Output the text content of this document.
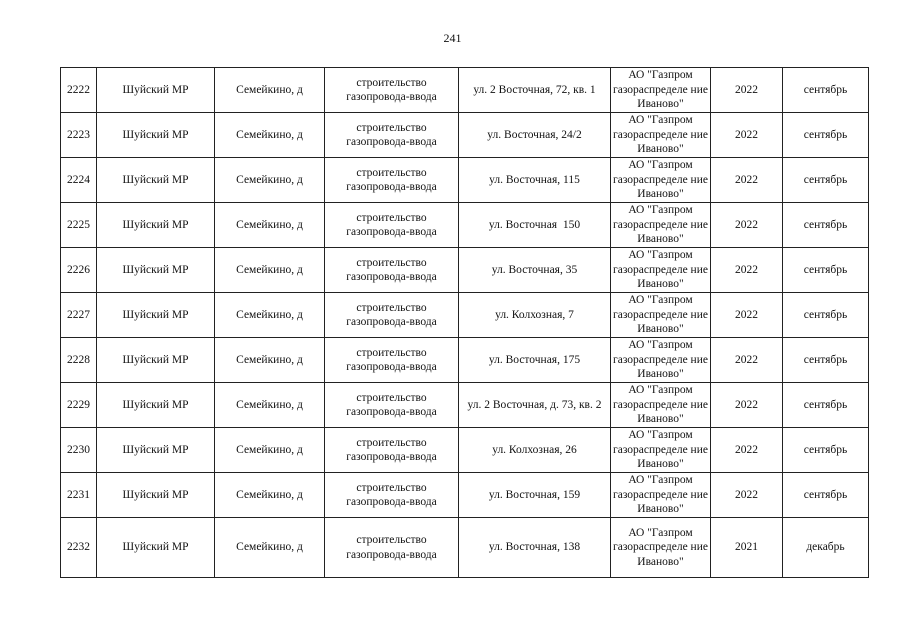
241
2222	Шуйский МР	Семейкино, д	строительство газопровода-ввода	ул. 2 Восточная, 72, кв. 1	АО "Газпром газораспределе ние Иваново"	2022	сентябрь
2223	Шуйский МР	Семейкино, д	строительство газопровода-ввода	ул. Восточная, 24/2	АО "Газпром газораспределе ние Иваново"	2022	сентябрь
2224	Шуйский МР	Семейкино, д	строительство газопровода-ввода	ул. Восточная, 115	АО "Газпром газораспределе ние Иваново"	2022	сентябрь
2225	Шуйский МР	Семейкино, д	строительство газопровода-ввода	ул. Восточная  150	АО "Газпром газораспределе ние Иваново"	2022	сентябрь
2226	Шуйский МР	Семейкино, д	строительство газопровода-ввода	ул. Восточная, 35	АО "Газпром газораспределе ние Иваново"	2022	сентябрь
2227	Шуйский МР	Семейкино, д	строительство газопровода-ввода	ул. Колхозная, 7	АО "Газпром газораспределе ние Иваново"	2022	сентябрь
2228	Шуйский МР	Семейкино, д	строительство газопровода-ввода	ул. Восточная, 175	АО "Газпром газораспределе ние Иваново"	2022	сентябрь
2229	Шуйский МР	Семейкино, д	строительство газопровода-ввода	ул. 2 Восточная, д. 73, кв. 2	АО "Газпром газораспределе ние Иваново"	2022	сентябрь
2230	Шуйский МР	Семейкино, д	строительство газопровода-ввода	ул. Колхозная, 26	АО "Газпром газораспределе ние Иваново"	2022	сентябрь
2231	Шуйский МР	Семейкино, д	строительство газопровода-ввода	ул. Восточная, 159	АО "Газпром газораспределе ние Иваново"	2022	сентябрь
2232	Шуйский МР	Семейкино, д	строительство газопровода-ввода	ул. Восточная, 138	АО "Газпром газораспределе ние Иваново"	2021	декабрь
